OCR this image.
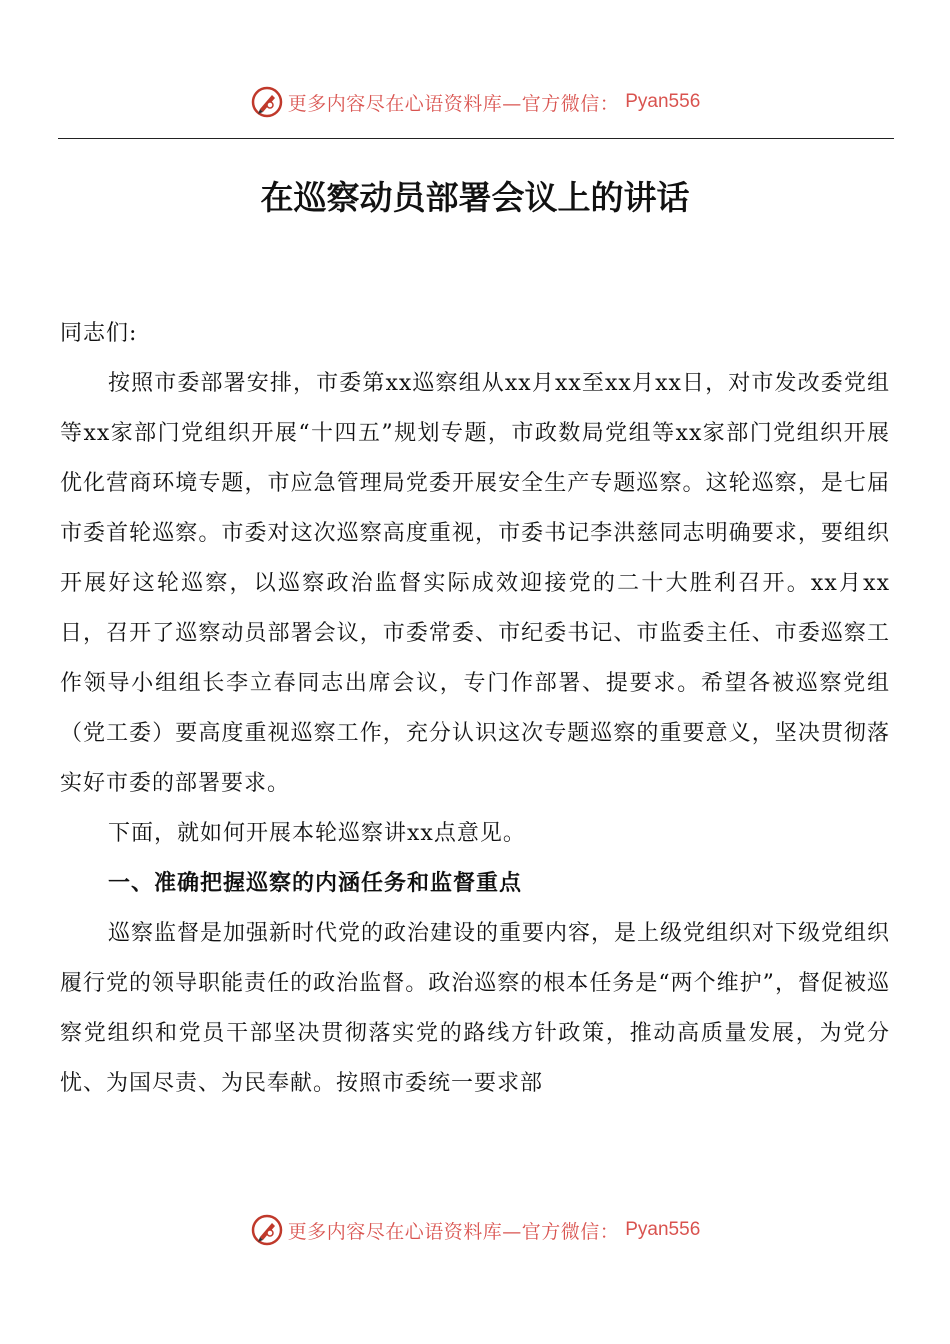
更多内容尽在心语资料库—官方微信： Pyan556
在巡察动员部署会议上的讲话

同志们:

按照市委部署安排，市委第xx巡察组从xx月xx至xx月xx日，对市发改委党组等xx家部门党组织开展“十四五”规划专题，市政数局党组等xx家部门党组织开展优化营商环境专题，市应急管理局党委开展安全生产专题巡察。这轮巡察，是七届市委首轮巡察。市委对这次巡察高度重视，市委书记李洪慈同志明确要求，要组织开展好这轮巡察，以巡察政治监督实际成效迎接党的二十大胜利召开。xx月xx日，召开了巡察动员部署会议，市委常委、市纪委书记、市监委主任、市委巡察工作领导小组组长李立春同志出席会议，专门作部署、提要求。希望各被巡察党组（党工委）要高度重视巡察工作，充分认识这次专题巡察的重要意义，坚决贯彻落实好市委的部署要求。

下面，就如何开展本轮巡察讲xx点意见。

一、准确把握巡察的内涵任务和监督重点

巡察监督是加强新时代党的政治建设的重要内容，是上级党组织对下级党组织履行党的领导职能责任的政治监督。政治巡察的根本任务是“两个维护”，督促被巡察党组织和党员干部坚决贯彻落实党的路线方针政策，推动高质量发展，为党分忧、为国尽责、为民奉献。按照市委统一要求部

更多内容尽在心语资料库—官方微信： Pyan556
